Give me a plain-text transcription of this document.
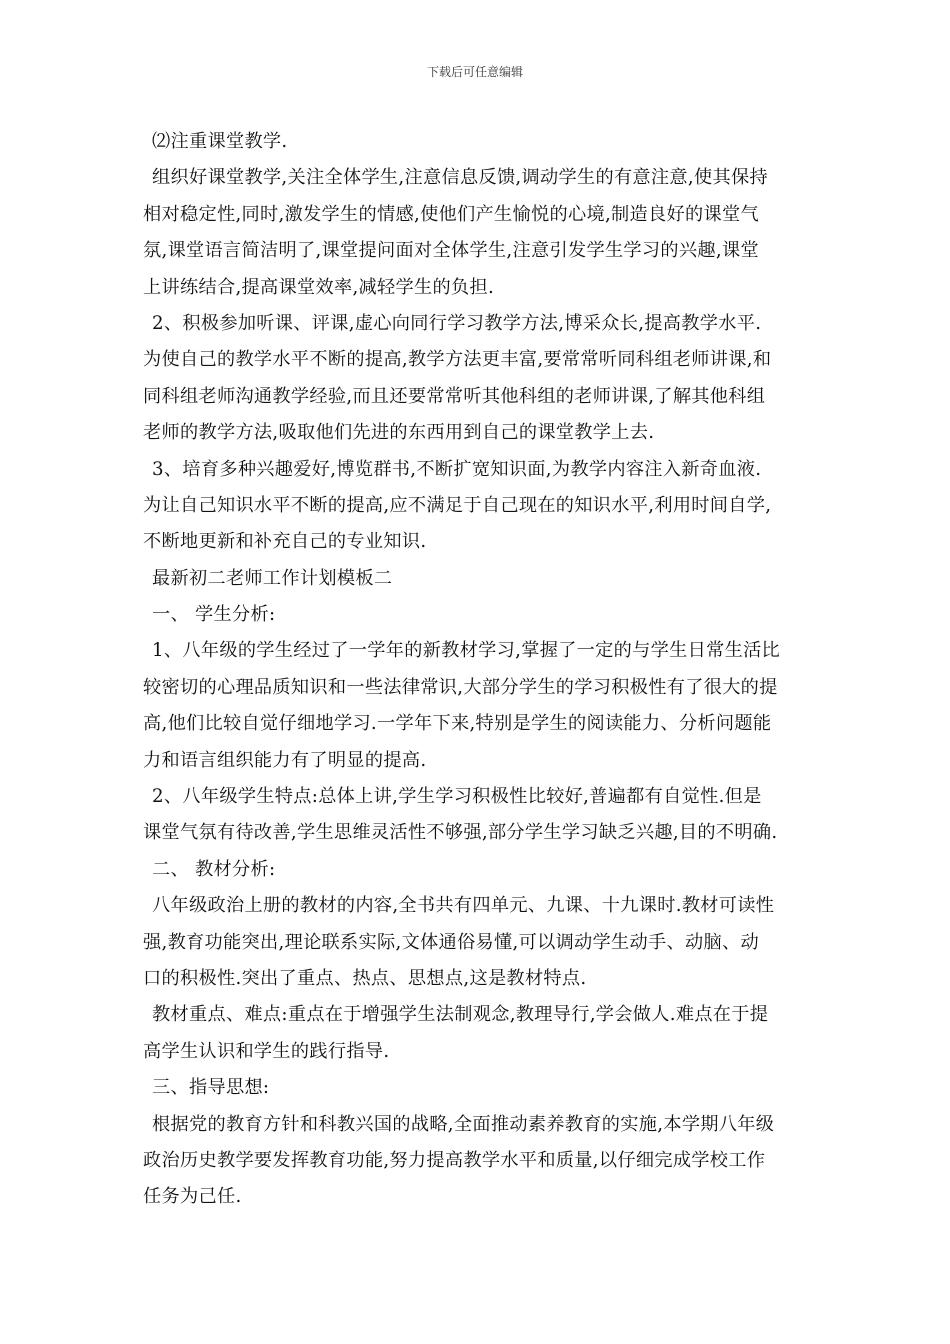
下载后可任意编辑
⑵注重课堂教学.
组织好课堂教学,关注全体学生,注意信息反馈,调动学生的有意注意,使其保持
相对稳定性,同时,激发学生的情感,使他们产生愉悦的心境,制造良好的课堂气
氛,课堂语言简洁明了,课堂提问面对全体学生,注意引发学生学习的兴趣,课堂
上讲练结合,提高课堂效率,减轻学生的负担.
2、积极参加听课、评课,虚心向同行学习教学方法,博采众长,提高教学水平.
为使自己的教学水平不断的提高,教学方法更丰富,要常常听同科组老师讲课,和
同科组老师沟通教学经验,而且还要常常听其他科组的老师讲课,了解其他科组
老师的教学方法,吸取他们先进的东西用到自己的课堂教学上去.
3、培育多种兴趣爱好,博览群书,不断扩宽知识面,为教学内容注入新奇血液.
为让自己知识水平不断的提高,应不满足于自己现在的知识水平,利用时间自学,
不断地更新和补充自己的专业知识.
最新初二老师工作计划模板二
一、 学生分析:
1、八年级的学生经过了一学年的新教材学习,掌握了一定的与学生日常生活比
较密切的心理品质知识和一些法律常识,大部分学生的学习积极性有了很大的提
高,他们比较自觉仔细地学习.一学年下来,特别是学生的阅读能力、分析问题能
力和语言组织能力有了明显的提高.
2、八年级学生特点:总体上讲,学生学习积极性比较好,普遍都有自觉性.但是
课堂气氛有待改善,学生思维灵活性不够强,部分学生学习缺乏兴趣,目的不明确.
二、 教材分析:
八年级政治上册的教材的内容,全书共有四单元、九课、十九课时.教材可读性
强,教育功能突出,理论联系实际,文体通俗易懂,可以调动学生动手、动脑、动
口的积极性.突出了重点、热点、思想点,这是教材特点.
教材重点、难点:重点在于增强学生法制观念,教理导行,学会做人.难点在于提
高学生认识和学生的践行指导.
三、指导思想:
根据党的教育方针和科教兴国的战略,全面推动素养教育的实施,本学期八年级
政治历史教学要发挥教育功能,努力提高教学水平和质量,以仔细完成学校工作
任务为己任.
